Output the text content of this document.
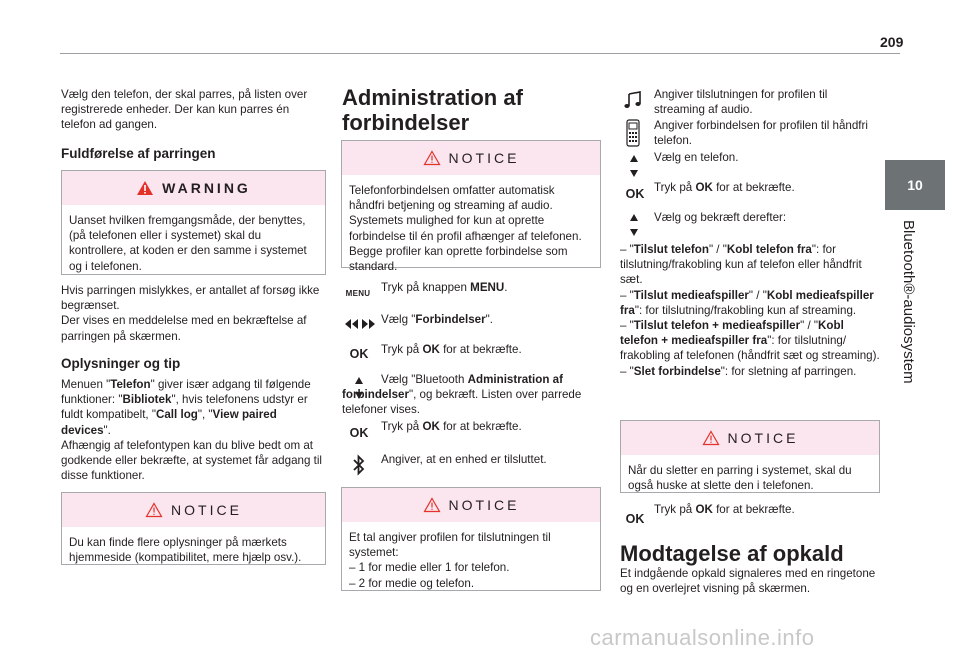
209
10
Bluetooth®-audiosystem
Vælg den telefon, der skal parres, på listen over registrerede enheder. Der kan kun parres én telefon ad gangen.
Fuldførelse af parringen
WARNING
Uanset hvilken fremgangsmåde, der benyttes, (på telefonen eller i systemet) skal du kontrollere, at koden er den samme i systemet og i telefonen.
Hvis parringen mislykkes, er antallet af forsøg ikke begrænset.
Der vises en meddelelse med en bekræftelse af parringen på skærmen.
Oplysninger og tip
Menuen "Telefon" giver især adgang til følgende funktioner: "Bibliotek", hvis telefonens udstyr er fuldt kompatibelt, "Call log", "View paired devices".
Afhængig af telefontypen kan du blive bedt om at godkende eller bekræfte, at systemet får adgang til disse funktioner.
NOTICE
Du kan finde flere oplysninger på mærkets hjemmeside (kompatibilitet, mere hjælp osv.).
Administration af forbindelser
NOTICE
Telefonforbindelsen omfatter automatisk håndfri betjening og streaming af audio. Systemets mulighed for kun at oprette forbindelse til én profil afhænger af telefonen. Begge profiler kan oprette forbindelse som standard.
MENU Tryk på knappen MENU.
Vælg "Forbindelser".
OK	Tryk på OK for at bekræfte.
Vælg "Bluetooth Administration af forbindelser", og bekræft. Listen over parrede telefoner vises.
OK	Tryk på OK for at bekræfte.
Angiver, at en enhed er tilsluttet.
NOTICE
Et tal angiver profilen for tilslutningen til systemet:
– 1 for medie eller 1 for telefon.
– 2 for medie og telefon.
Angiver tilslutningen for profilen til streaming af audio.
Angiver forbindelsen for profilen til håndfri telefon.
Vælg en telefon.
OK Tryk på OK for at bekræfte.
Vælg og bekræft derefter:
– "Tilslut telefon" / "Kobl telefon fra": for tilslutning/frakobling kun af telefon eller håndfrit sæt.
– "Tilslut medieafspiller" / "Kobl medieafspiller fra": for tilslutning/frakobling kun af streaming.
– "Tilslut telefon + medieafspiller" / "Kobl telefon + medieafspiller fra": for tilslutning/ frakobling af telefonen (håndfrit sæt og streaming).
– "Slet forbindelse": for sletning af parringen.
NOTICE
Når du sletter en parring i systemet, skal du også huske at slette den i telefonen.
OK
Tryk på OK for at bekræfte.
Modtagelse af opkald
Et indgående opkald signaleres med en ringetone og en overlejret visning på skærmen.
carmanualsonline.info
